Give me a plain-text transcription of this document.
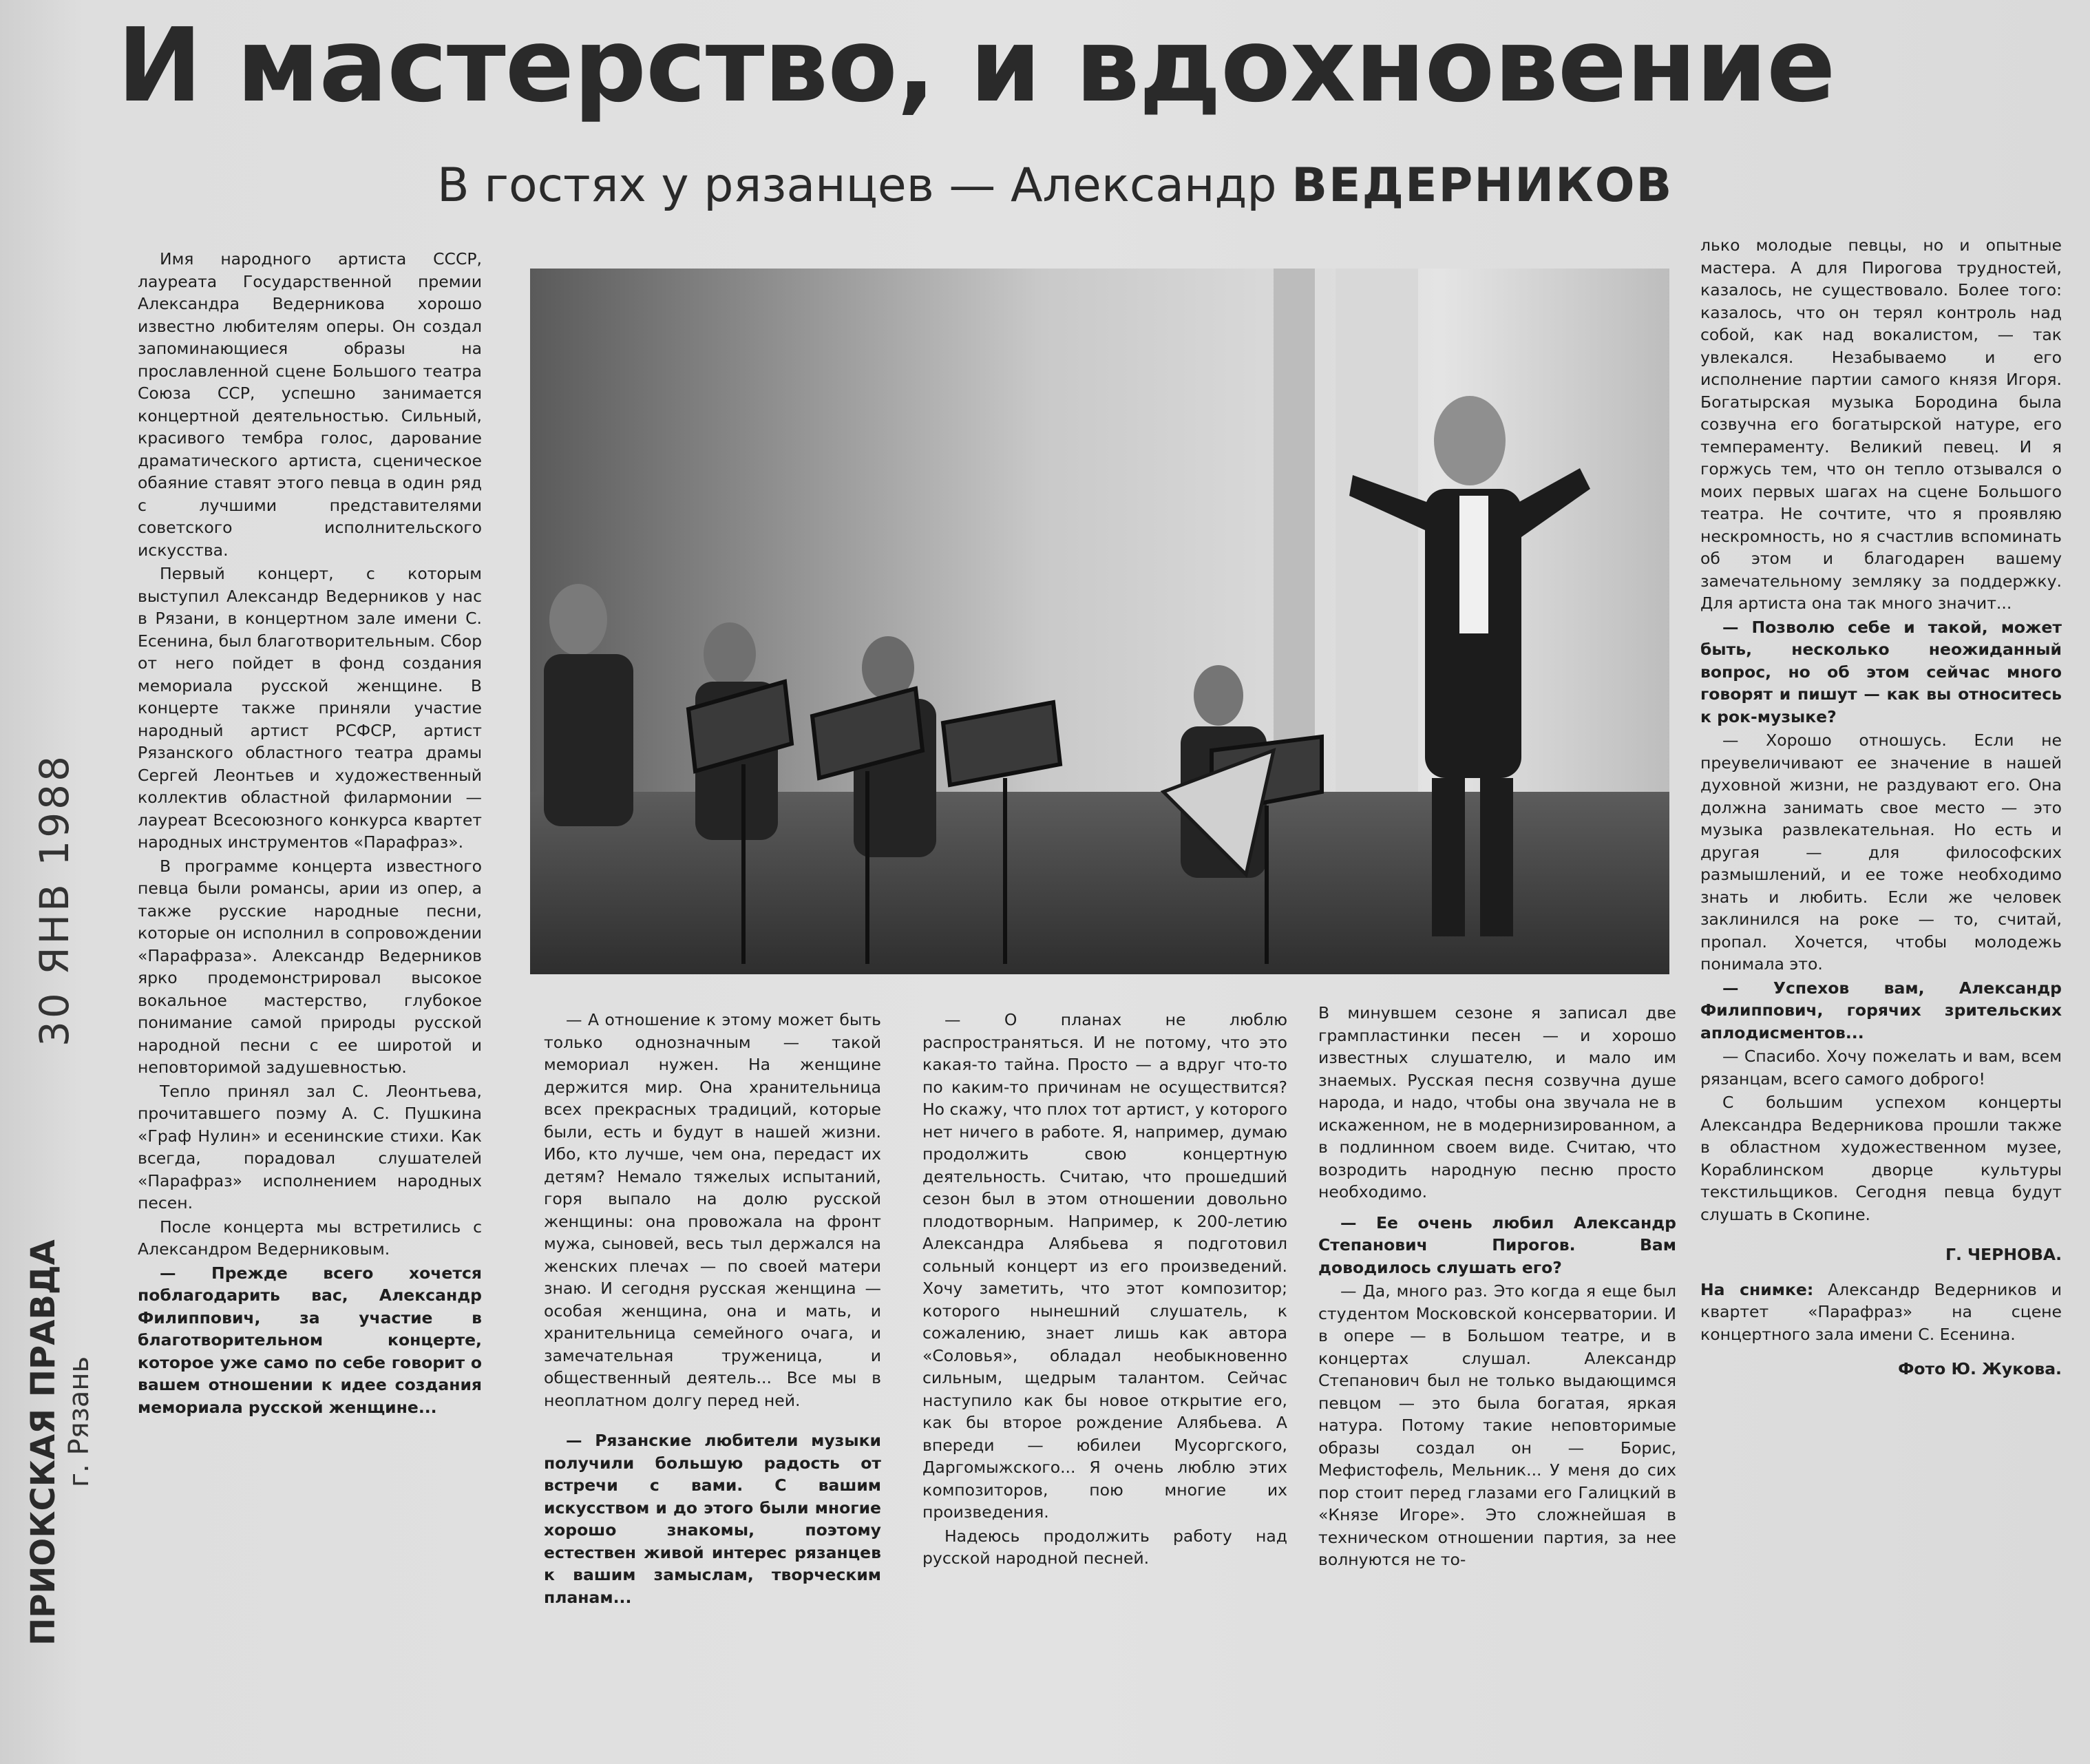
И мастерство, и вдохновение
В гостях у рязанцев — Александр ВЕДЕРНИКОВ
30 ЯНВ 1988
ПРИОКСКАЯ ПРАВДА г. Рязань

Имя народного артиста СССР, лауреата Государственной премии Александра Ведерникова хорошо известно любителям оперы. Он создал запоминающиеся образы на прославленной сцене Большого театра Союза ССР, успешно занимается концертной деятельностью. Сильный, красивого тембра голос, дарование драматического артиста, сценическое обаяние ставят этого певца в один ряд с лучшими представителями советского исполнительского искусства.

Первый концерт, с которым выступил Александр Ведерников у нас в Рязани, в концертном зале имени С. Есенина, был благотворительным. Сбор от него пойдет в фонд создания мемориала русской женщине. В концерте также приняли участие народный артист РСФСР, артист Рязанского областного театра драмы Сергей Леонтьев и художественный коллектив областной филармонии — лауреат Всесоюзного конкурса квартет народных инструментов «Парафраз».

В программе концерта известного певца были романсы, арии из опер, а также русские народные песни, которые он исполнил в сопровождении «Парафраза». Александр Ведерников ярко продемонстрировал высокое вокальное мастерство, глубокое понимание самой природы русской народной песни с ее широтой и неповторимой задушевностью.

Тепло принял зал С. Леонтьева, прочитавшего поэму А. С. Пушкина «Граф Нулин» и есенинские стихи. Как всегда, порадовал слушателей «Парафраз» исполнением народных песен.

После концерта мы встретились с Александром Ведерниковым.

— Прежде всего хочется поблагодарить вас, Александр Филиппович, за участие в благотворительном концерте, которое уже само по себе говорит о вашем отношении к идее создания мемориала русской женщине...

— А отношение к этому может быть только однозначным — такой мемориал нужен. На женщине держится мир. Она хранительница всех прекрасных традиций, которые были, есть и будут в нашей жизни. Ибо, кто лучше, чем она, передаст их детям? Немало тяжелых испытаний, горя выпало на долю русской женщины: она провожала на фронт мужа, сыновей, весь тыл держался на женских плечах — по своей матери знаю. И сегодня русская женщина — особая женщина, она и мать, и хранительница семейного очага, и замечательная труженица, и общественный деятель... Все мы в неоплатном долгу перед ней.

— Рязанские любители музыки получили большую радость от встречи с вами. С вашим искусством и до этого были многие хорошо знакомы, поэтому естествен живой интерес рязанцев к вашим замыслам, творческим планам...

— О планах не люблю распространяться. И не потому, что это какая-то тайна. Просто — а вдруг что-то по каким-то причинам не осуществится? Но скажу, что плох тот артист, у которого нет ничего в работе. Я, например, думаю продолжить свою концертную деятельность. Считаю, что прошедший сезон был в этом отношении довольно плодотворным. Например, к 200-летию Александра Алябьева я подготовил сольный концерт из его произведений. Хочу заметить, что этот композитор; которого нынешний слушатель, к сожалению, знает лишь как автора «Соловья», обладал необыкновенно сильным, щедрым талантом. Сейчас наступило как бы новое открытие его, как бы второе рождение Алябьева. А впереди — юбилеи Мусоргского, Даргомыжского... Я очень люблю этих композиторов, пою многие их произведения.

Надеюсь продолжить работу над русской народной песней.

В минувшем сезоне я записал две грампластинки песен — и хорошо известных слушателю, и мало им знаемых. Русская песня созвучна душе народа, и надо, чтобы она звучала не в искаженном, не в модернизированном, а в подлинном своем виде. Считаю, что возродить народную песню просто необходимо.

— Ее очень любил Александр Степанович Пирогов. Вам доводилось слушать его?

— Да, много раз. Это когда я еще был студентом Московской консерватории. И в опере — в Большом театре, и в концертах слушал. Александр Степанович был не только выдающимся певцом — это была богатая, яркая натура. Потому такие неповторимые образы создал он — Борис, Мефистофель, Мельник... У меня до сих пор стоит перед глазами его Галицкий в «Князе Игоре». Это сложнейшая в техническом отношении партия, за нее волнуются не то-

лько молодые певцы, но и опытные мастера. А для Пирогова трудностей, казалось, не существовало. Более того: казалось, что он терял контроль над собой, как над вокалистом, — так увлекался. Незабываемо и его исполнение партии самого князя Игоря. Богатырская музыка Бородина была созвучна его богатырской натуре, его темпераменту. Великий певец. И я горжусь тем, что он тепло отзывался о моих первых шагах на сцене Большого театра. Не сочтите, что я проявляю нескромность, но я счастлив вспоминать об этом и благодарен вашему замечательному земляку за поддержку. Для артиста она так много значит...

— Позволю себе и такой, может быть, несколько неожиданный вопрос, но об этом сейчас много говорят и пишут — как вы относитесь к рок-музыке?

— Хорошо отношусь. Если не преувеличивают ее значение в нашей духовной жизни, не раздувают его. Она должна занимать свое место — это музыка развлекательная. Но есть и другая — для философских размышлений, и ее тоже необходимо знать и любить. Если же человек заклинился на роке — то, считай, пропал. Хочется, чтобы молодежь понимала это.

— Успехов вам, Александр Филиппович, горячих зрительских аплодисментов...

— Спасибо. Хочу пожелать и вам, всем рязанцам, всего самого доброго!

С большим успехом концерты Александра Ведерникова прошли также в областном художественном музее, Кораблинском дворце культуры текстильщиков. Сегодня певца будут слушать в Скопине.

Г. ЧЕРНОВА.

На снимке: Александр Ведерников и квартет «Парафраз» на сцене концертного зала имени С. Есенина.

Фото Ю. Жукова.
